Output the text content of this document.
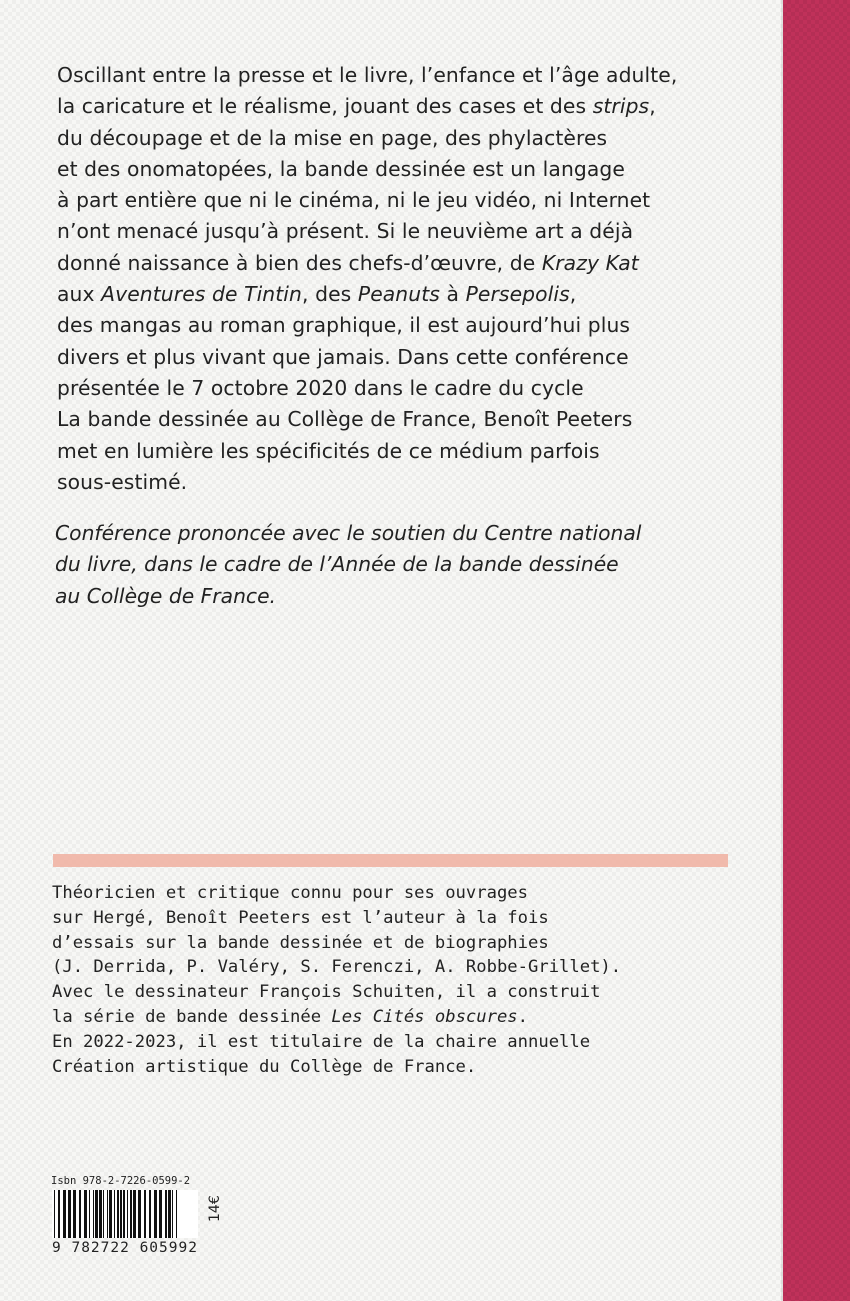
Oscillant entre la presse et le livre, l’enfance et l’âge adulte,
la caricature et le réalisme, jouant des cases et des strips,
du découpage et de la mise en page, des phylactères
et des onomatopées, la bande dessinée est un langage
à part entière que ni le cinéma, ni le jeu vidéo, ni Internet
n’ont menacé jusqu’à présent. Si le neuvième art a déjà
donné naissance à bien des chefs-d’œuvre, de Krazy Kat
aux Aventures de Tintin, des Peanuts à Persepolis,
des mangas au roman graphique, il est aujourd’hui plus
divers et plus vivant que jamais. Dans cette conférence
présentée le 7 octobre 2020 dans le cadre du cycle
La bande dessinée au Collège de France, Benoît Peeters
met en lumière les spécificités de ce médium parfois
sous-estimé.
Conférence prononcée avec le soutien du Centre national
du livre, dans le cadre de l’Année de la bande dessinée
au Collège de France.
Théoricien et critique connu pour ses ouvrages
sur Hergé, Benoît Peeters est l’auteur à la fois
d’essais sur la bande dessinée et de biographies
(J. Derrida, P. Valéry, S. Ferenczi, A. Robbe-Grillet).
Avec le dessinateur François Schuiten, il a construit
la série de bande dessinée Les Cités obscures.
En 2022-2023, il est titulaire de la chaire annuelle
Création artistique du Collège de France.
Isbn 978-2-7226-0599-2
9 782722 605992
14€
